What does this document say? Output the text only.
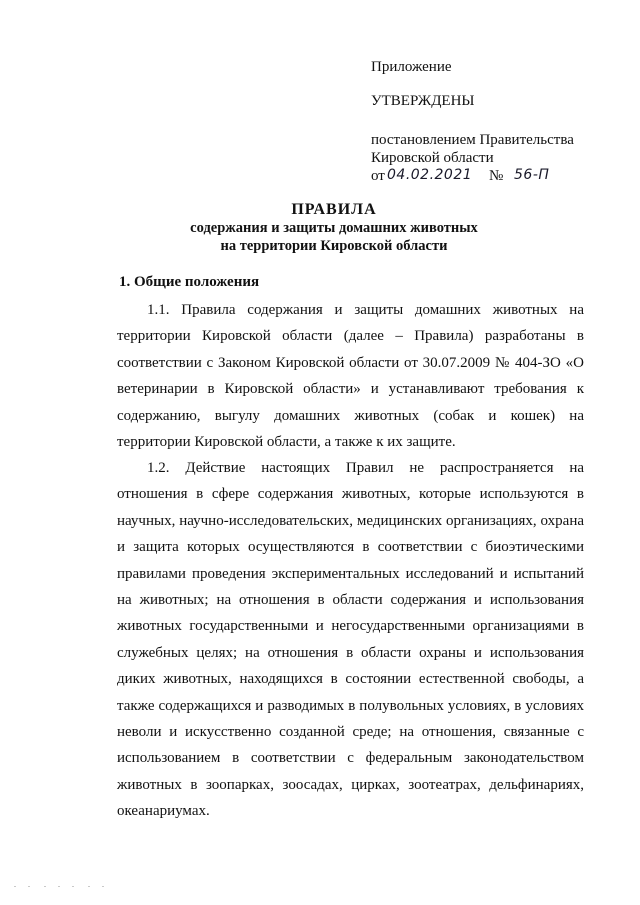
Приложение
УТВЕРЖДЕНЫ
постановлением Правительства
Кировской области
от 04.02.2021 № 56-П
ПРАВИЛА
содержания и защиты домашних животных
на территории Кировской области
1. Общие положения

1.1. Правила содержания и защиты домашних животных на территории Кировской области (далее – Правила) разработаны в соответствии с Законом Кировской области от 30.07.2009 № 404-ЗО «О ветеринарии в Кировской области» и устанавливают требования к содержанию, выгулу домашних животных (собак и кошек) на территории Кировской области, а также к их защите.

1.2. Действие настоящих Правил не распространяется на отношения в сфере содержания животных, которые используются в научных, научно-исследовательских, медицинских организациях, охрана и защита которых осуществляются в соответствии с биоэтическими правилами проведения экспериментальных исследований и испытаний на животных; на отношения в области содержания и использования животных государственными и негосударственными организациями в служебных целях; на отношения в области охраны и использования диких животных, находящихся в состоянии естественной свободы, а также содержащихся и разводимых в полувольных условиях, в условиях неволи и искусственно созданной среде; на отношения, связанные с использованием в соответствии с федеральным законодательством животных в зоопарках, зоосадах, цирках, зоотеатрах, дельфинариях, океанариумах.
